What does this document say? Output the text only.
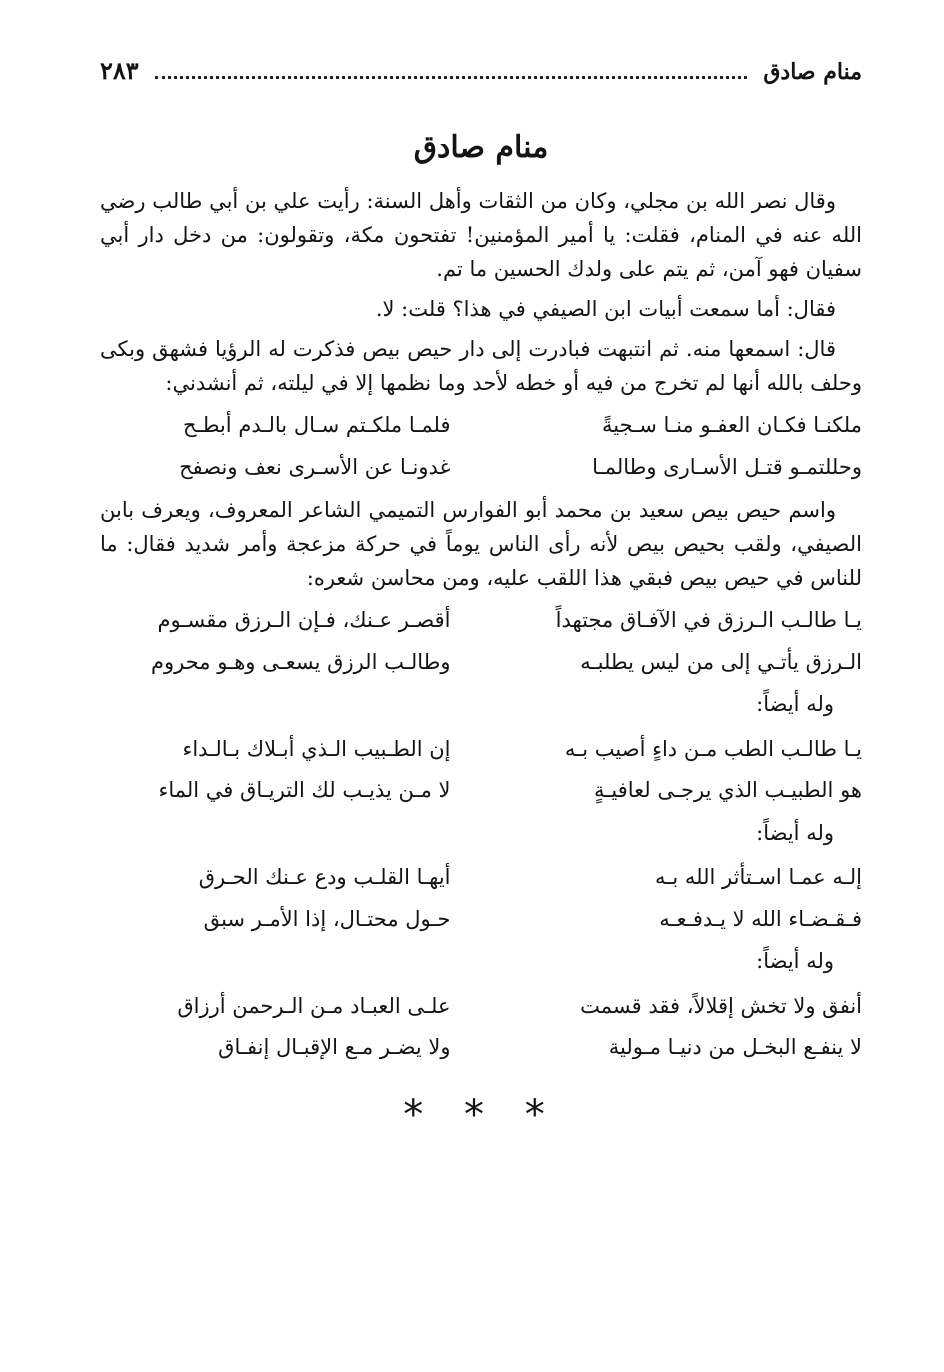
منام صادق
٢٨٣
منام صادق

وقال نصر الله بن مجلي، وكان من الثقات وأهل السنة: رأيت علي بن أبي طالب رضي الله عنه في المنام، فقلت: يا أمير المؤمنين! تفتحون مكة، وتقولون: من دخل دار أبي سفيان فهو آمن، ثم يتم على ولدك الحسين ما تم.

فقال: أما سمعت أبيات ابن الصيفي في هذا؟ قلت: لا.

قال: اسمعها منه. ثم انتبهت فبادرت إلى دار حيص بيص فذكرت له الرؤيا فشهق وبكى وحلف بالله أنها لم تخرج من فيه أو خطه لأحد وما نظمها إلا في ليلته، ثم أنشدني:

ملكنـا فكـان العفـو منـا سـجيةً
فلمـا ملكـتم سـال بالـدم أبطـح
وحللتمـو قتـل الأسـارى وطالمـا
غدونـا عن الأسـرى نعف ونصفح

واسم حيص بيص سعيد بن محمد أبو الفوارس التميمي الشاعر المعروف، ويعرف بابن الصيفي، ولقب بحيص بيص لأنه رأى الناس يوماً في حركة مزعجة وأمر شديد فقال: ما للناس في حيص بيص فبقي هذا اللقب عليه، ومن محاسن شعره:

يـا طالـب الـرزق في الآفـاق مجتهداً
أقصـر عـنك، فـإن الـرزق مقسـوم
الـرزق يأتـي إلى من ليس يطلبـه
وطالـب الرزق يسعـى وهـو محروم
وله أيضاً:
يـا طالـب الطب مـن داءٍ أصيب بـه
إن الطـبيب الـذي أبـلاك بـالـداء
هو الطبيـب الذي يرجـى لعافيـةٍ
لا مـن يذيـب لك التريـاق في الماء
وله أيضاً:
إلـه عمـا اسـتأثر الله بـه
أيهـا القلـب ودع عـنك الحـرق
فـقـضـاء الله لا يـدفـعـه
حـول محتـال، إذا الأمـر سبق
وله أيضاً:
أنفق ولا تخش إقلالاً، فقد قسمت
علـى العبـاد مـن الـرحمن أرزاق
لا ينفـع البخـل من دنيـا مـولية
ولا يضـر مـع الإقبـال إنفـاق
* * *
